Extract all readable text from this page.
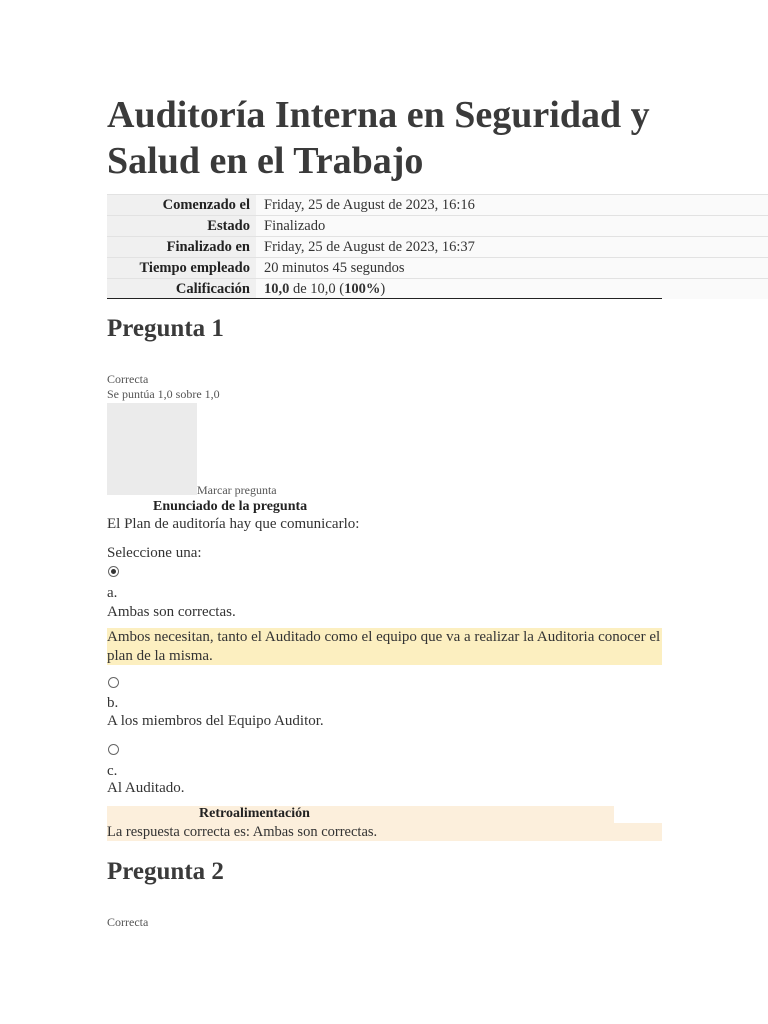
Auditoría Interna en Seguridad y Salud en el Trabajo
Comenzado el	Friday, 25 de August de 2023, 16:16
Estado	Finalizado
Finalizado en	Friday, 25 de August de 2023, 16:37
Tiempo empleado	20 minutos 45 segundos
Calificación	10,0 de 10,0 (100%)
Pregunta 1
Correcta
Se puntúa 1,0 sobre 1,0
Marcar pregunta
Enunciado de la pregunta
El Plan de auditoría hay que comunicarlo:
Seleccione una:
a.
Ambas son correctas.
Ambos necesitan, tanto el Auditado como el equipo que va a realizar la Auditoria conocer el plan de la misma.
b.
A los miembros del Equipo Auditor.
c.
Al Auditado.
Retroalimentación
La respuesta correcta es: Ambas son correctas.
Pregunta 2
Correcta
